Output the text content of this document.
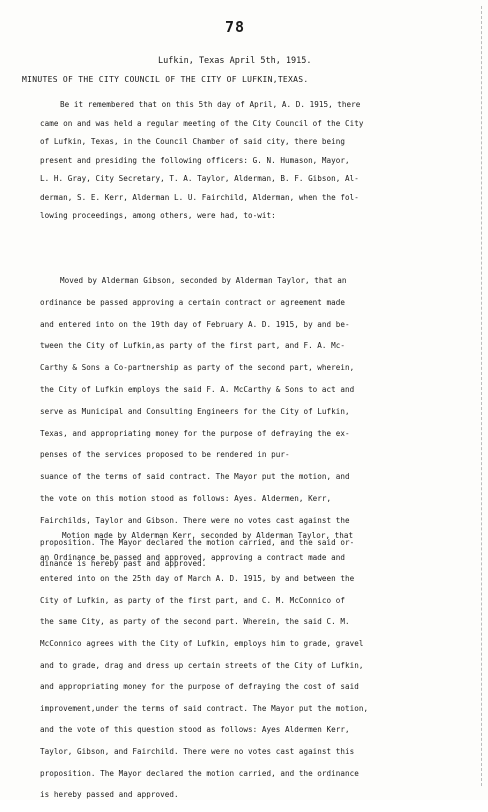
78
Lufkin, Texas April 5th, 1915.
MINUTES OF THE CITY COUNCIL OF THE CITY OF LUFKIN,TEXAS.
Be it remembered that on this 5th day of April, A. D. 1915, there
came on and was held a regular meeting of the City Council of the City
of Lufkin, Texas, in the Council Chamber of said city, there being
present and presiding the following officers: G. N. Humason, Mayor,
L. H. Gray, City Secretary, T. A. Taylor, Alderman, B. F. Gibson, Al-
derman, S. E. Kerr, Alderman L. U. Fairchild, Alderman, when the fol-
lowing proceedings, among others, were had, to-wit:
Moved by Alderman Gibson, seconded by Alderman Taylor, that an
ordinance be passed approving a certain contract or agreement made
and entered into on the 19th day of February A. D. 1915, by and be-
tween the City of Lufkin,as party of the first part, and F. A. Mc-
Carthy & Sons a Co-partnership as party of the second part, wherein,
the City of Lufkin employs the said F. A. McCarthy & Sons to act and
serve as Municipal and Consulting Engineers for the City of Lufkin,
Texas, and appropriating money for the purpose of defraying the ex-
penses of the services proposed to be rendered in pur-
suance of the terms of said contract. The Mayor put the motion, and
the vote on this motion stood as follows: Ayes. Aldermen, Kerr,
Fairchilds, Taylor and Gibson. There were no votes cast against the
proposition. The Mayor declared the motion carried, and the said or-
dinance is hereby past and approved.
Motion made by Alderman Kerr, seconded by Alderman Taylor, that
an Ordinance be passed and approved, approving a contract made and
entered into on the 25th day of March A. D. 1915, by and between the
City of Lufkin, as party of the first part, and C. M. McConnico of
the same City, as party of the second part. Wherein, the said C. M.
McConnico agrees with the City of Lufkin, employs him to grade, gravel
and to grade, drag and dress up certain streets of the City of Lufkin,
and appropriating money for the purpose of defraying the cost of said
improvement,under the terms of said contract. The Mayor put the motion,
and the vote of this question stood as follows: Ayes Aldermen Kerr,
Taylor, Gibson, and Fairchild. There were no votes cast against this
proposition. The Mayor declared the motion carried, and the ordinance
is hereby passed and approved.
